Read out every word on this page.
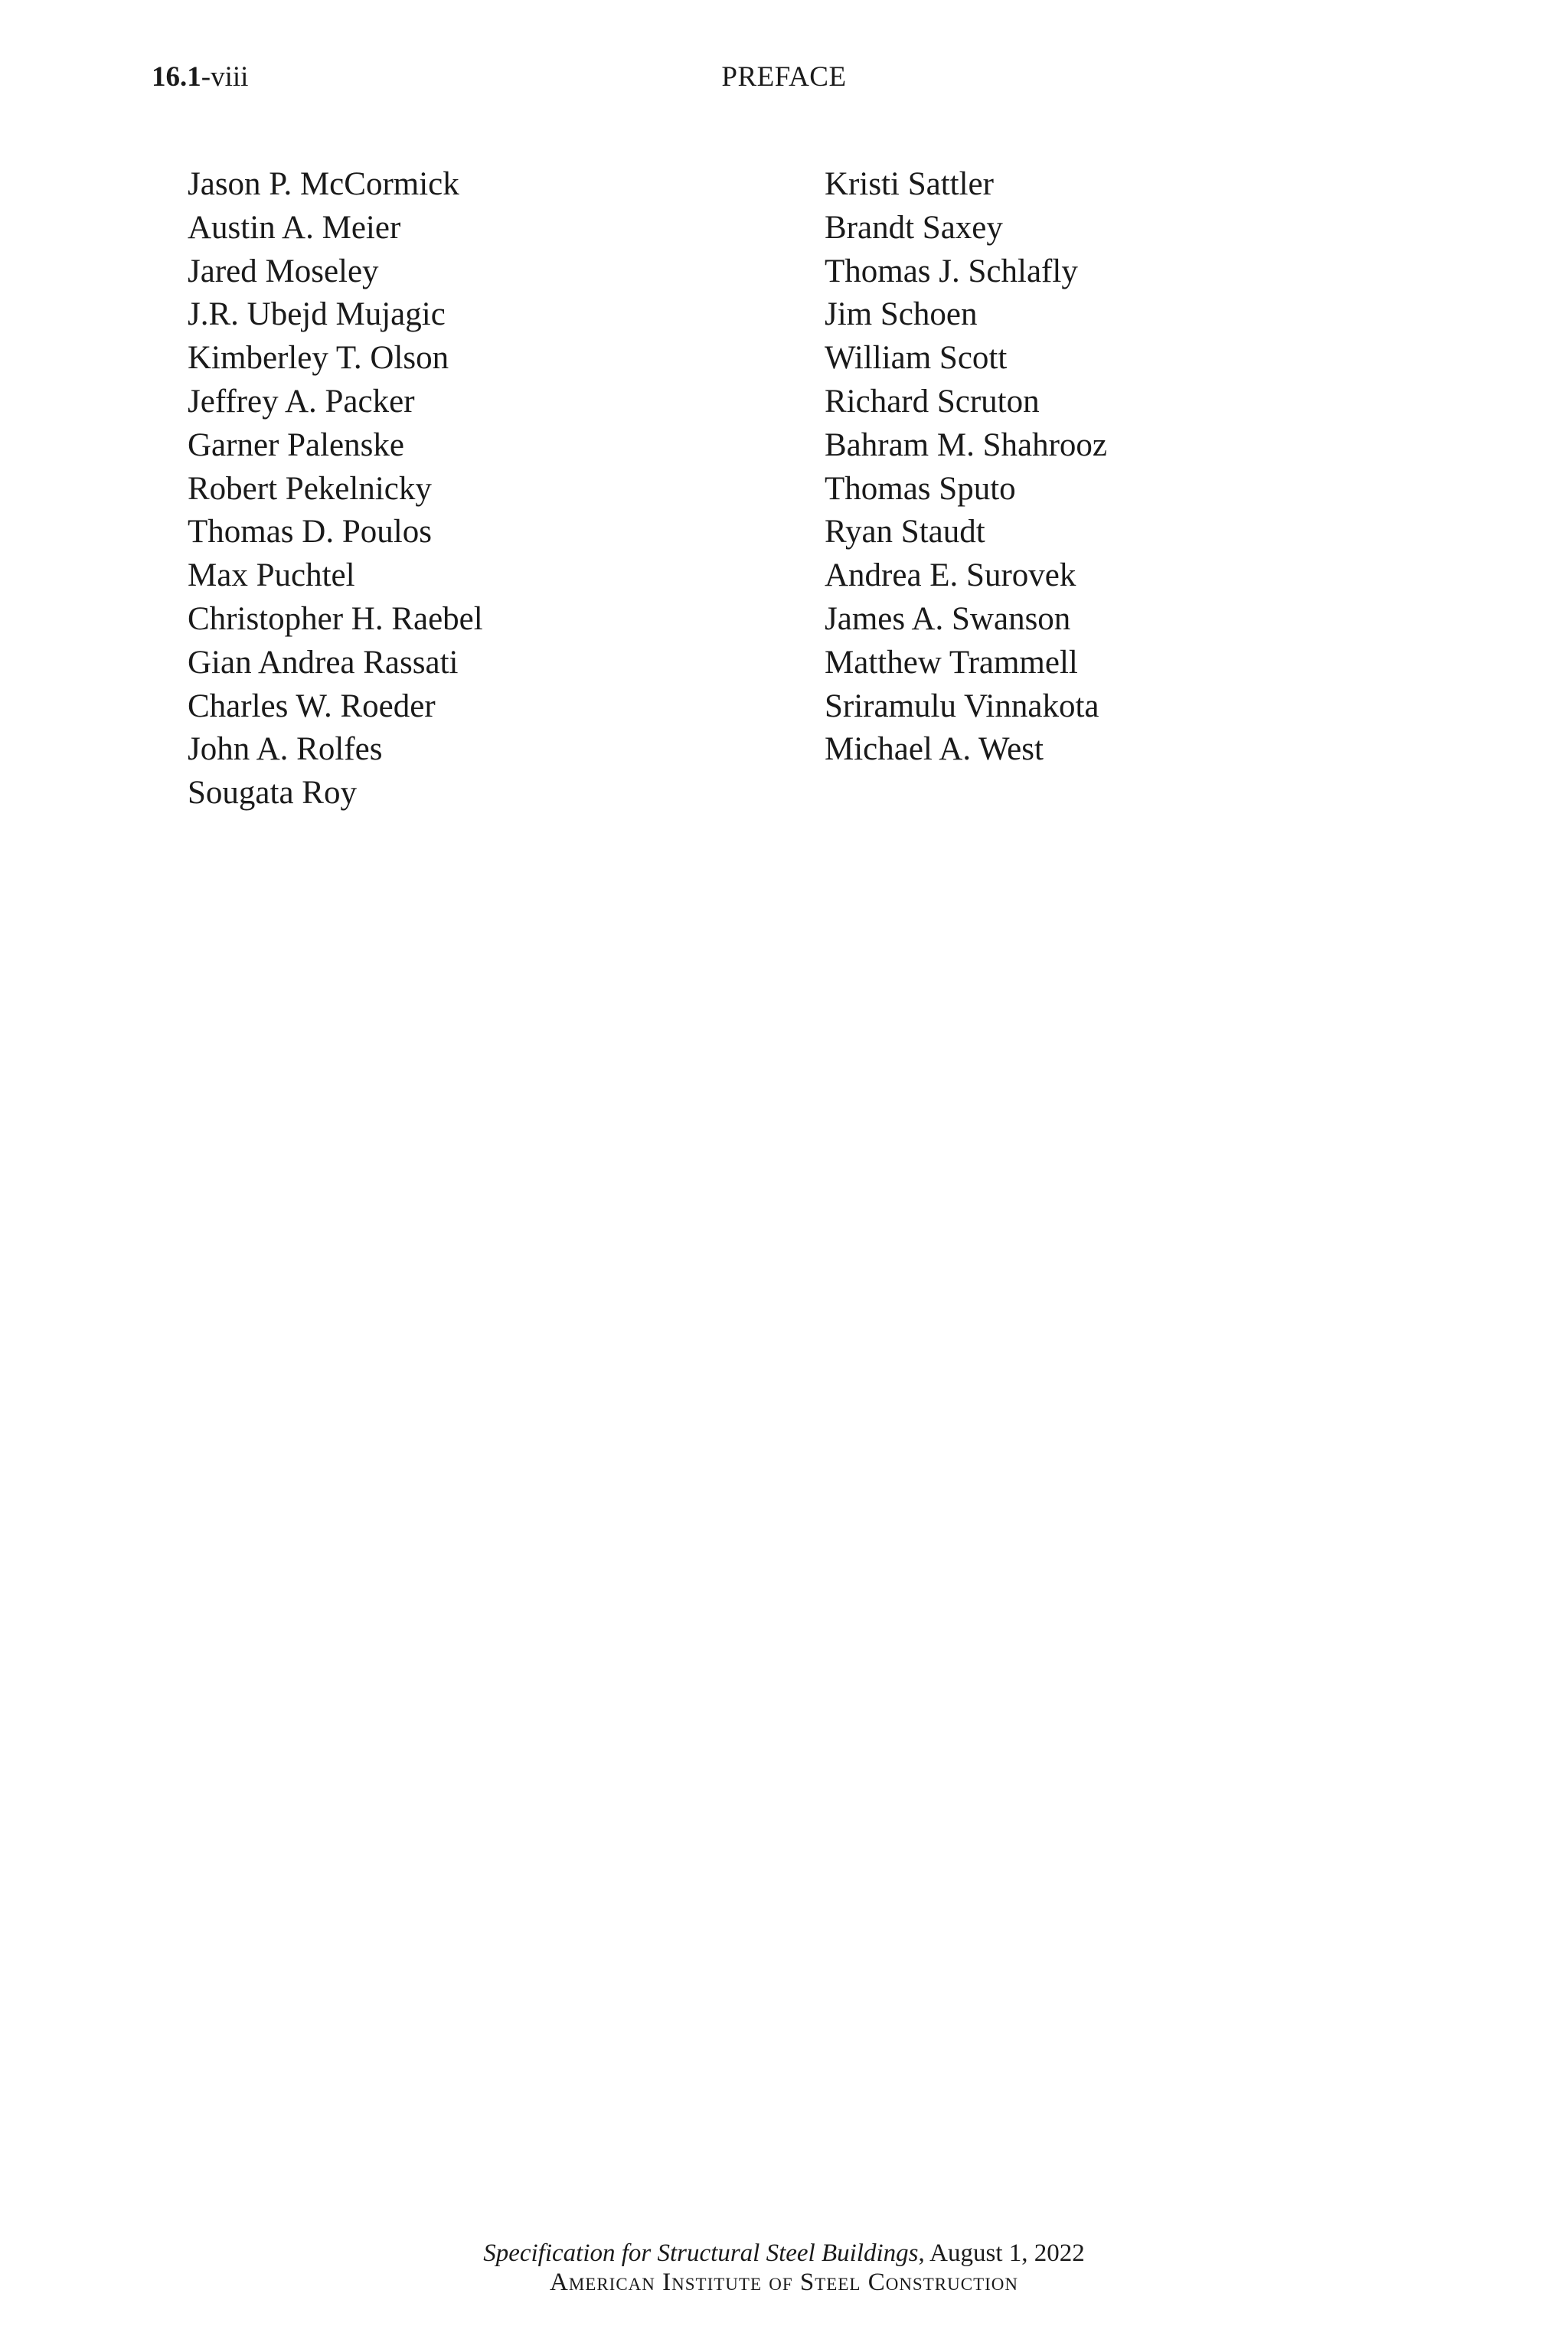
16.1-viii	PREFACE
Jason P. McCormick
Austin A. Meier
Jared Moseley
J.R. Ubejd Mujagic
Kimberley T. Olson
Jeffrey A. Packer
Garner Palenske
Robert Pekelnicky
Thomas D. Poulos
Max Puchtel
Christopher H. Raebel
Gian Andrea Rassati
Charles W. Roeder
John A. Rolfes
Sougata Roy
Kristi Sattler
Brandt Saxey
Thomas J. Schlafly
Jim Schoen
William Scott
Richard Scruton
Bahram M. Shahrooz
Thomas Sputo
Ryan Staudt
Andrea E. Surovek
James A. Swanson
Matthew Trammell
Sriramulu Vinnakota
Michael A. West
Specification for Structural Steel Buildings, August 1, 2022
American Institute of Steel Construction
